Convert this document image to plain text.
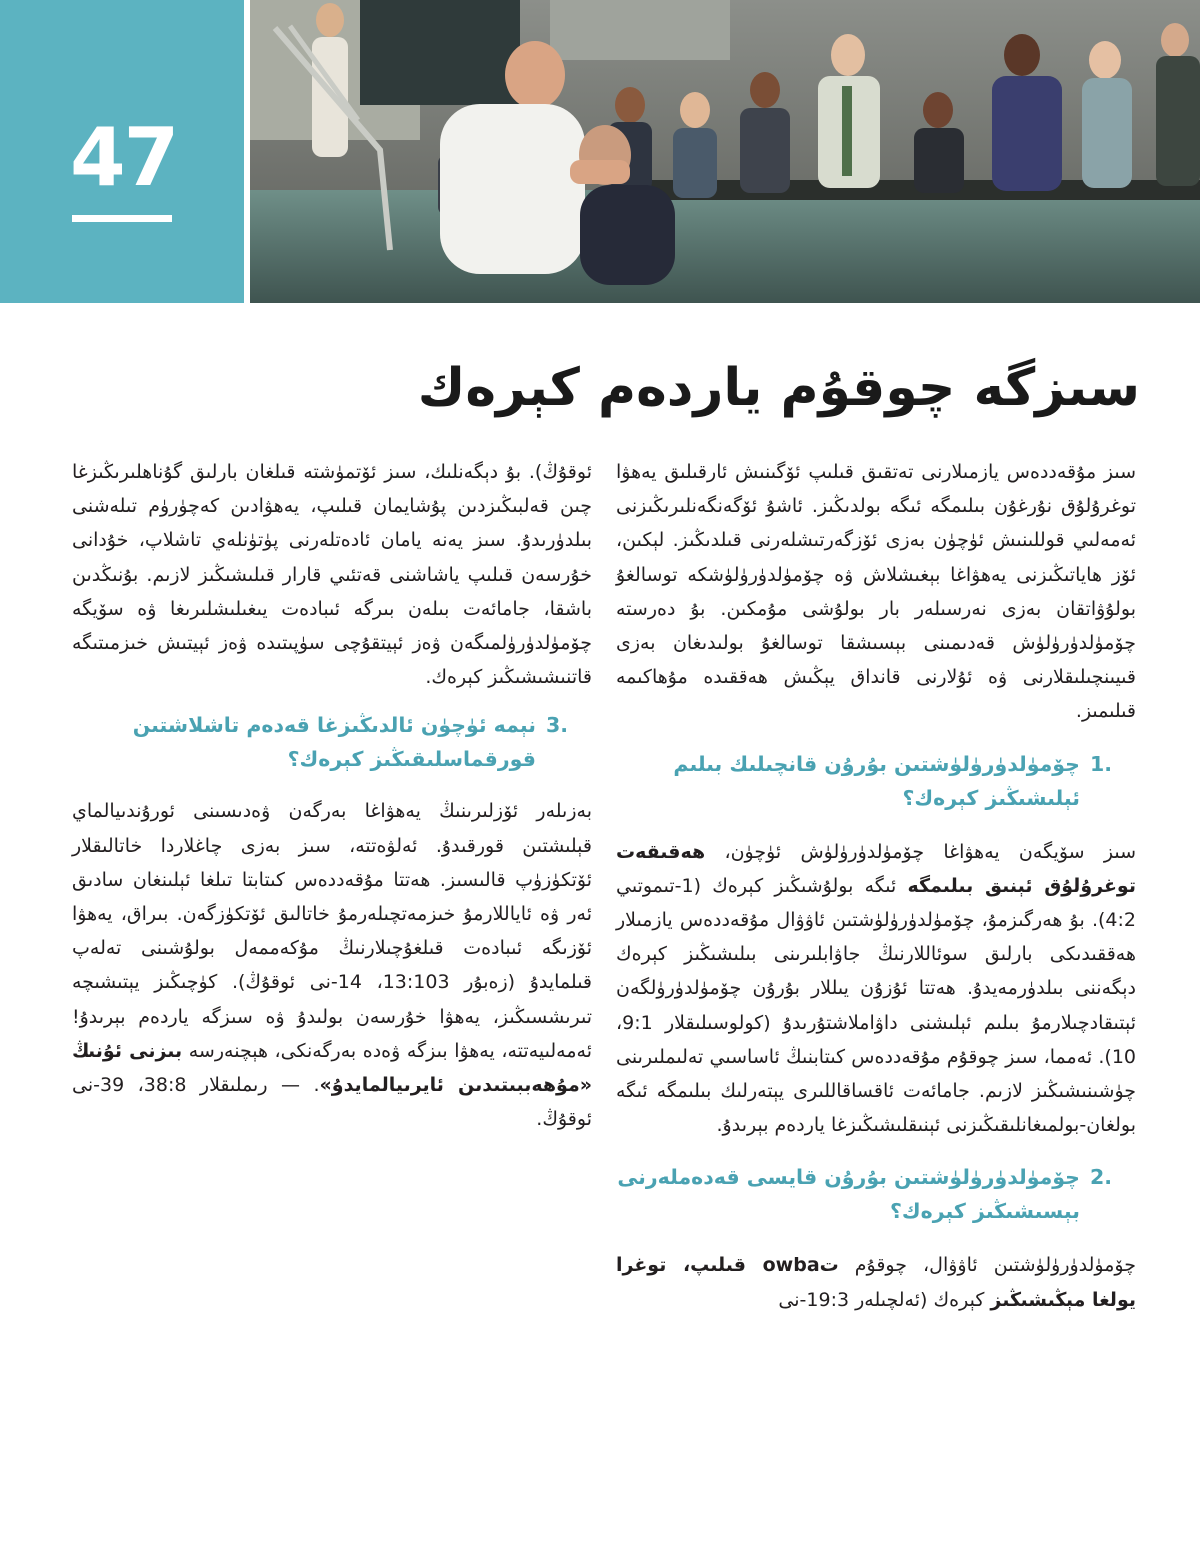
47
سىزگە چوقۇم ياردەم كېرەك

سىز مۇقەددەس يازمىلارنى تەتقىق قىلىپ ئۆگىنىش ئارقىلىق يەھۋا توغرۇلۇق نۇرغۇن بىلىمگە ئىگە بولدىڭىز. ئاشۇ ئۆگەنگەنلىرىڭىزنى ئەمەلىي قوللىنىش ئۈچۈن بەزى ئۆزگەرتىشلەرنى قىلدىڭىز. لېكىن، ئۆز ھاياتىڭىزنى يەھۋاغا بېغىشلاش ۋە چۆمۈلدۈرۈلۈشكە توسالغۇ بولۇۋاتقان بەزى نەرسىلەر بار بولۇشى مۇمكىن. بۇ دەرستە چۆمۈلدۈرۈلۈش قەدىمىنى بېسىشقا توسالغۇ بولىدىغان بەزى قىيىنچىلىقلارنى ۋە ئۇلارنى قانداق يېڭىش ھەققىدە مۇھاكىمە قىلىمىز.

.1
چۆمۈلدۈرۈلۈشتىن بۇرۇن قانچىلىك بىلىم ئېلىشىڭىز كېرەك؟

سىز سۆيگەن يەھۋاغا چۆمۈلدۈرۈلۈش ئۈچۈن، ھەقىقەت توغرۇلۇق ئېنىق بىلىمگە ئىگە بولۇشىڭىز كېرەك (1-تىموتىي 4:2). بۇ ھەرگىزمۇ، چۆمۈلدۈرۈلۈشتىن ئاۋۋال مۇقەددەس يازمىلار ھەققىدىكى بارلىق سوئاللارنىڭ جاۋابلىرىنى بىلىشىڭىز كېرەك دېگەننى بىلدۈرمەيدۇ. ھەتتا ئۇزۇن يىللار بۇرۇن چۆمۈلدۈرۈلگەن ئېتىقادچىلارمۇ بىلىم ئېلىشنى داۋاملاشتۇرىدۇ (كولوسىلىقلار 9:1، 10). ئەمما، سىز چوقۇم مۇقەددەس كىتابنىڭ ئاساسىي تەلىملىرىنى چۈشىنىشىڭىز لازىم. جامائەت ئاقساقاللىرى يېتەرلىك بىلىمگە ئىگە بولغان-بولمىغانلىقىڭىزنى ئېنىقلىشىڭىزغا ياردەم بېرىدۇ.

.2
چۆمۈلدۈرۈلۈشتىن بۇرۇن قايسى قەدەملەرنى بېسىشىڭىز كېرەك؟

چۆمۈلدۈرۈلۈشتىن ئاۋۋال، چوقۇم تowba قىلىپ، توغرا يولغا مېڭىشىڭىز كېرەك (ئەلچىلەر 19:3-نى

ئوقۇڭ). بۇ دېگەنلىك، سىز ئۆتمۈشتە قىلغان بارلىق گۇناھلىرىڭىزغا چىن قەلبىڭىزدىن پۇشايمان قىلىپ، يەھۋادىن كەچۈرۈم تىلەشنى بىلدۈرىدۇ. سىز يەنە يامان ئادەتلەرنى پۈتۈنلەي تاشلاپ، خۇدانى خۇرسەن قىلىپ ياشاشنى قەتئىي قارار قىلىشىڭىز لازىم. بۇنىڭدىن باشقا، جامائەت بىلەن بىرگە ئىبادەت يىغىلىشلىرىغا ۋە سۆيگە چۆمۈلدۈرۈلمىگەن ۋەز ئېيتقۇچى سۈپىتىدە ۋەز ئېيتىش خىزمىتىگە قاتنىشىشىڭىز كېرەك.

.3
نېمە ئۈچۈن ئالدىڭىزغا قەدەم تاشلاشتىن قورقماسلىقىڭىز كېرەك؟

بەزىلەر ئۆزلىرىنىڭ يەھۋاغا بەرگەن ۋەدىسىنى ئورۇندىيالماي قېلىشتىن قورقىدۇ. ئەلۋەتتە، سىز بەزى چاغلاردا خاتالىقلار ئۆتكۈزۈپ قالىسىز. ھەتتا مۇقەددەس كىتابتا تىلغا ئېلىنغان سادىق ئەر ۋە ئاياللارمۇ خىزمەتچىلەرمۇ خاتالىق ئۆتكۈزگەن. بىراق، يەھۋا ئۆزىگە ئىبادەت قىلغۇچىلارنىڭ مۇكەممەل بولۇشىنى تەلەپ قىلمايدۇ (زەبۇر 13:103، 14-نى ئوقۇڭ). كۈچىڭىز يېتىشىچە تىرىشسىڭىز، يەھۋا خۇرسەن بولىدۇ ۋە سىزگە ياردەم بېرىدۇ! ئەمەلىيەتتە، يەھۋا بىزگە ۋەدە بەرگەنكى، ھېچنەرسە بىزنى ئۇنىڭ «مۇھەببىتىدىن ئايرىيالمايدۇ». — رىملىقلار 38:8، 39-نى ئوقۇڭ.
